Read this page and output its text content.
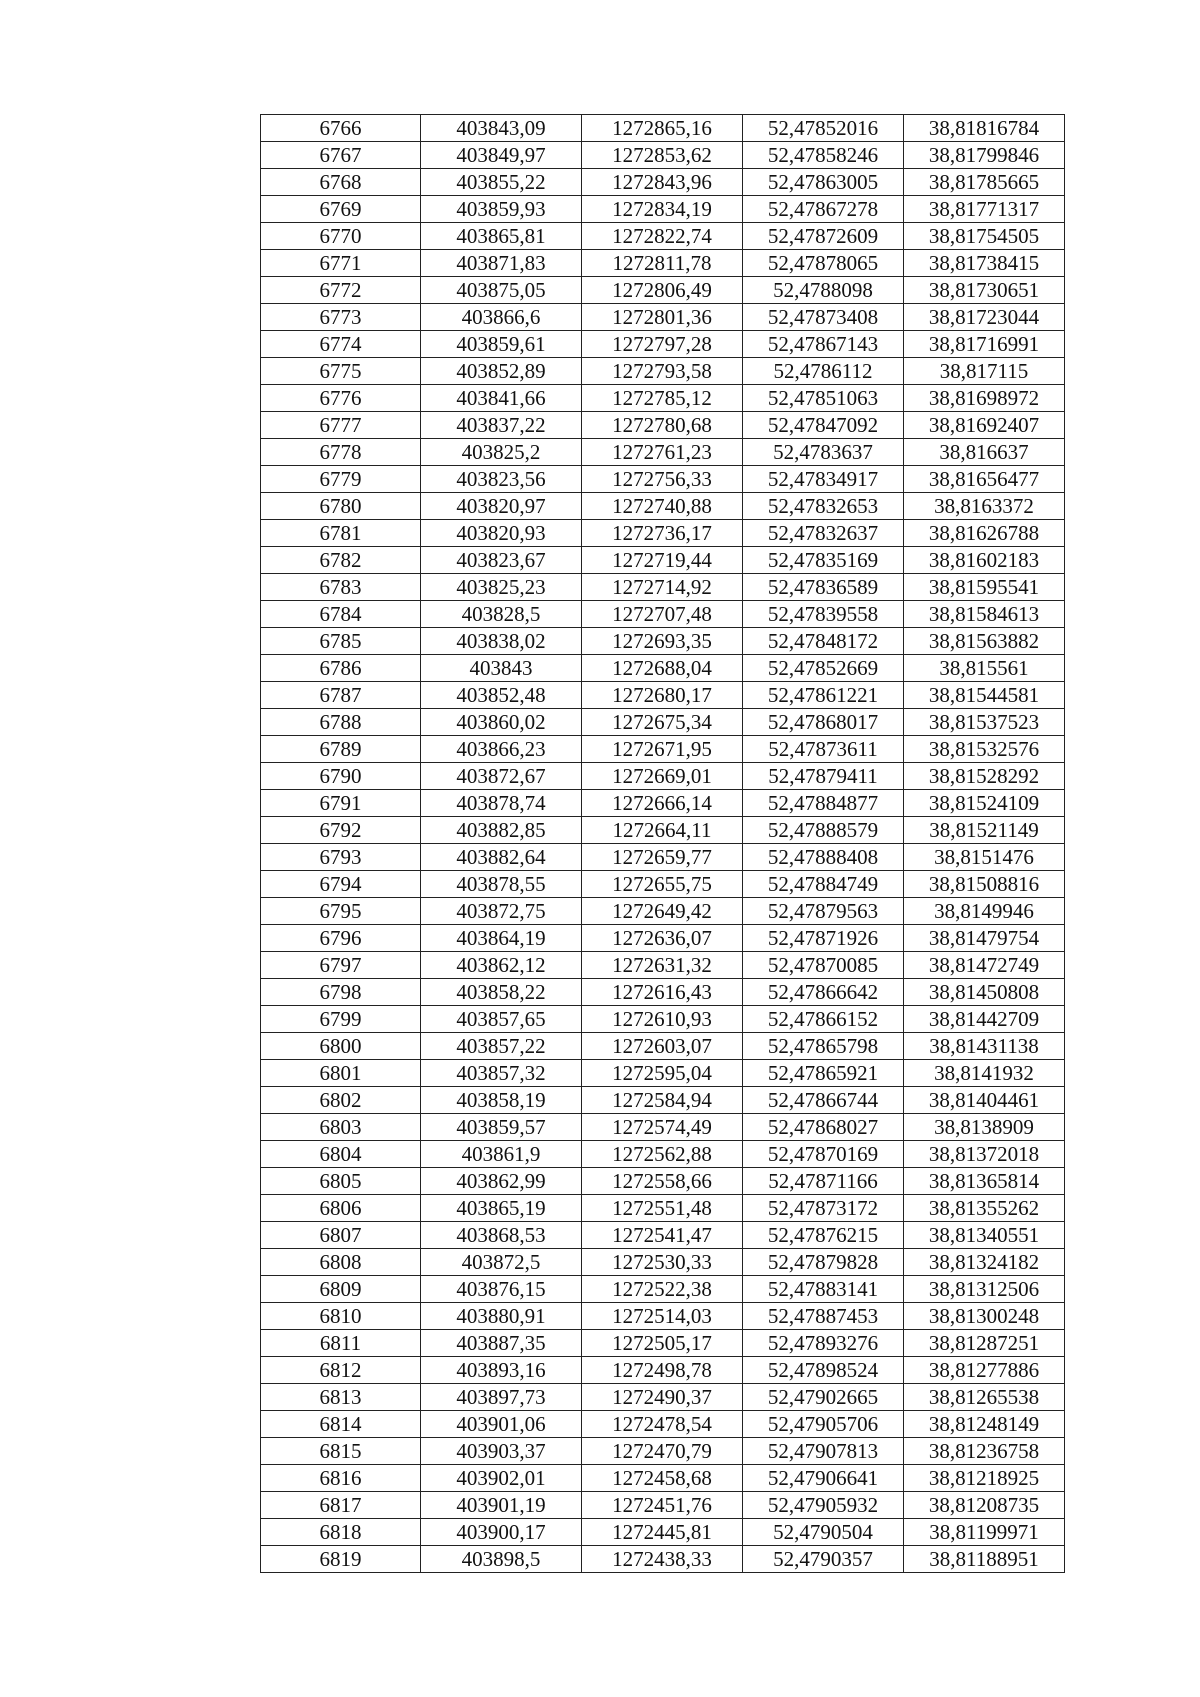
6766	403843,09	1272865,16	52,47852016	38,81816784
6767	403849,97	1272853,62	52,47858246	38,81799846
6768	403855,22	1272843,96	52,47863005	38,81785665
6769	403859,93	1272834,19	52,47867278	38,81771317
6770	403865,81	1272822,74	52,47872609	38,81754505
6771	403871,83	1272811,78	52,47878065	38,81738415
6772	403875,05	1272806,49	52,4788098	38,81730651
6773	403866,6	1272801,36	52,47873408	38,81723044
6774	403859,61	1272797,28	52,47867143	38,81716991
6775	403852,89	1272793,58	52,4786112	38,817115
6776	403841,66	1272785,12	52,47851063	38,81698972
6777	403837,22	1272780,68	52,47847092	38,81692407
6778	403825,2	1272761,23	52,4783637	38,816637
6779	403823,56	1272756,33	52,47834917	38,81656477
6780	403820,97	1272740,88	52,47832653	38,8163372
6781	403820,93	1272736,17	52,47832637	38,81626788
6782	403823,67	1272719,44	52,47835169	38,81602183
6783	403825,23	1272714,92	52,47836589	38,81595541
6784	403828,5	1272707,48	52,47839558	38,81584613
6785	403838,02	1272693,35	52,47848172	38,81563882
6786	403843	1272688,04	52,47852669	38,815561
6787	403852,48	1272680,17	52,47861221	38,81544581
6788	403860,02	1272675,34	52,47868017	38,81537523
6789	403866,23	1272671,95	52,47873611	38,81532576
6790	403872,67	1272669,01	52,47879411	38,81528292
6791	403878,74	1272666,14	52,47884877	38,81524109
6792	403882,85	1272664,11	52,47888579	38,81521149
6793	403882,64	1272659,77	52,47888408	38,8151476
6794	403878,55	1272655,75	52,47884749	38,81508816
6795	403872,75	1272649,42	52,47879563	38,8149946
6796	403864,19	1272636,07	52,47871926	38,81479754
6797	403862,12	1272631,32	52,47870085	38,81472749
6798	403858,22	1272616,43	52,47866642	38,81450808
6799	403857,65	1272610,93	52,47866152	38,81442709
6800	403857,22	1272603,07	52,47865798	38,81431138
6801	403857,32	1272595,04	52,47865921	38,8141932
6802	403858,19	1272584,94	52,47866744	38,81404461
6803	403859,57	1272574,49	52,47868027	38,8138909
6804	403861,9	1272562,88	52,47870169	38,81372018
6805	403862,99	1272558,66	52,47871166	38,81365814
6806	403865,19	1272551,48	52,47873172	38,81355262
6807	403868,53	1272541,47	52,47876215	38,81340551
6808	403872,5	1272530,33	52,47879828	38,81324182
6809	403876,15	1272522,38	52,47883141	38,81312506
6810	403880,91	1272514,03	52,47887453	38,81300248
6811	403887,35	1272505,17	52,47893276	38,81287251
6812	403893,16	1272498,78	52,47898524	38,81277886
6813	403897,73	1272490,37	52,47902665	38,81265538
6814	403901,06	1272478,54	52,47905706	38,81248149
6815	403903,37	1272470,79	52,47907813	38,81236758
6816	403902,01	1272458,68	52,47906641	38,81218925
6817	403901,19	1272451,76	52,47905932	38,81208735
6818	403900,17	1272445,81	52,4790504	38,81199971
6819	403898,5	1272438,33	52,4790357	38,81188951
